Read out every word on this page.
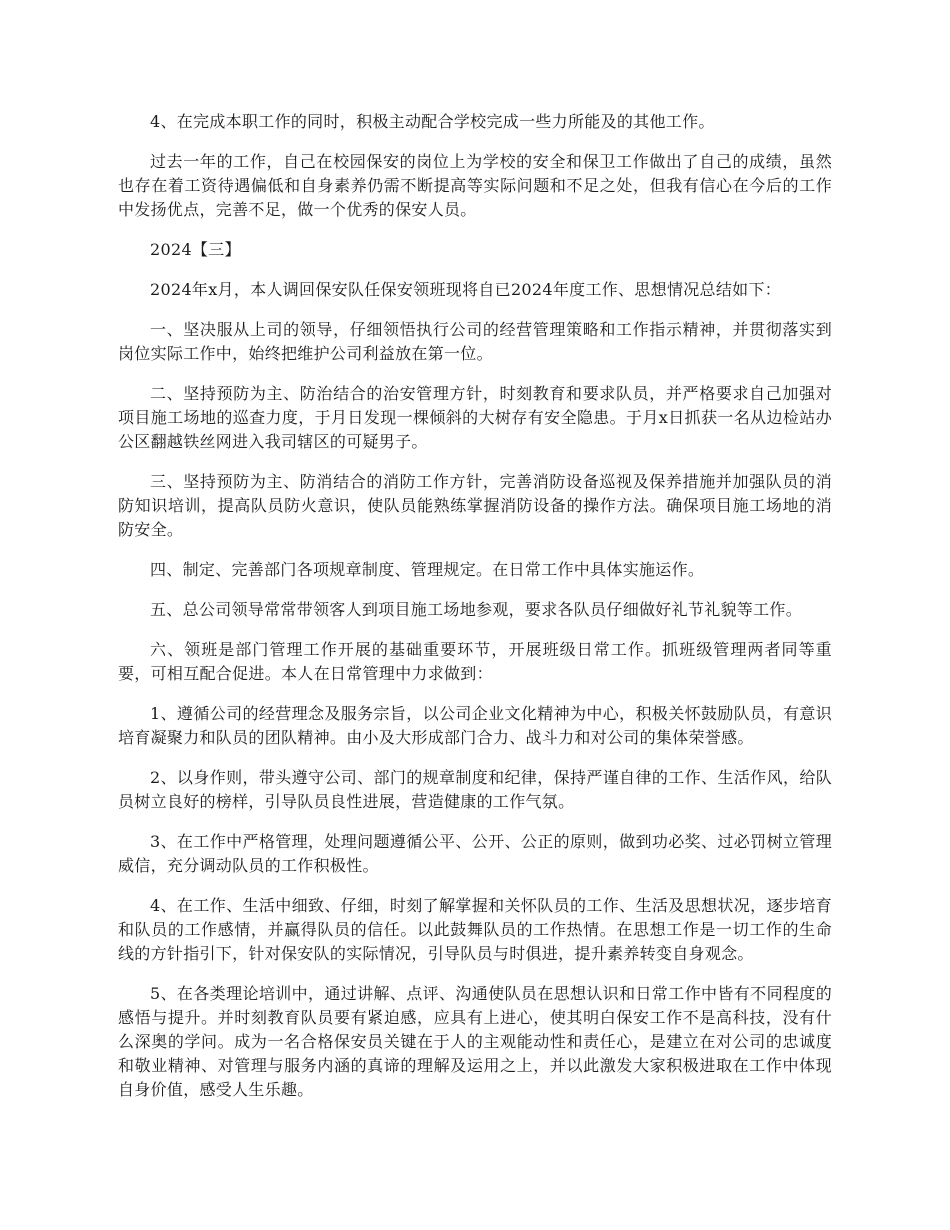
4、在完成本职工作的同时，积极主动配合学校完成一些力所能及的其他工作。

过去一年的工作，自己在校园保安的岗位上为学校的安全和保卫工作做出了自己的成绩，虽然也存在着工资待遇偏低和自身素养仍需不断提高等实际问题和不足之处，但我有信心在今后的工作中发扬优点，完善不足，做一个优秀的保安人员。

2024【三】

2024年x月，本人调回保安队任保安领班现将自已2024年度工作、思想情况总结如下：

一、坚决服从上司的领导，仔细领悟执行公司的经营管理策略和工作指示精神，并贯彻落实到岗位实际工作中，始终把维护公司利益放在第一位。

二、坚持预防为主、防治结合的治安管理方针，时刻教育和要求队员，并严格要求自己加强对项目施工场地的巡查力度，于月日发现一棵倾斜的大树存有安全隐患。于月x日抓获一名从边检站办公区翻越铁丝网进入我司辖区的可疑男子。

三、坚持预防为主、防消结合的消防工作方针，完善消防设备巡视及保养措施并加强队员的消防知识培训，提高队员防火意识，使队员能熟练掌握消防设备的操作方法。确保项目施工场地的消防安全。

四、制定、完善部门各项规章制度、管理规定。在日常工作中具体实施运作。

五、总公司领导常常带领客人到项目施工场地参观，要求各队员仔细做好礼节礼貌等工作。

六、领班是部门管理工作开展的基础重要环节，开展班级日常工作。抓班级管理两者同等重要，可相互配合促进。本人在日常管理中力求做到：

1、遵循公司的经营理念及服务宗旨，以公司企业文化精神为中心，积极关怀鼓励队员，有意识培育凝聚力和队员的团队精神。由小及大形成部门合力、战斗力和对公司的集体荣誉感。

2、以身作则，带头遵守公司、部门的规章制度和纪律，保持严谨自律的工作、生活作风，给队员树立良好的榜样，引导队员良性进展，营造健康的工作气氛。

3、在工作中严格管理，处理问题遵循公平、公开、公正的原则，做到功必奖、过必罚树立管理威信，充分调动队员的工作积极性。

4、在工作、生活中细致、仔细，时刻了解掌握和关怀队员的工作、生活及思想状况，逐步培育和队员的工作感情，并赢得队员的信任。以此鼓舞队员的工作热情。在思想工作是一切工作的生命线的方针指引下，针对保安队的实际情况，引导队员与时俱进，提升素养转变自身观念。

5、在各类理论培训中，通过讲解、点评、沟通使队员在思想认识和日常工作中皆有不同程度的感悟与提升。并时刻教育队员要有紧迫感，应具有上进心，使其明白保安工作不是高科技，没有什么深奥的学问。成为一名合格保安员关键在于人的主观能动性和责任心，是建立在对公司的忠诚度和敬业精神、对管理与服务内涵的真谛的理解及运用之上，并以此激发大家积极进取在工作中体现自身价值，感受人生乐趣。
